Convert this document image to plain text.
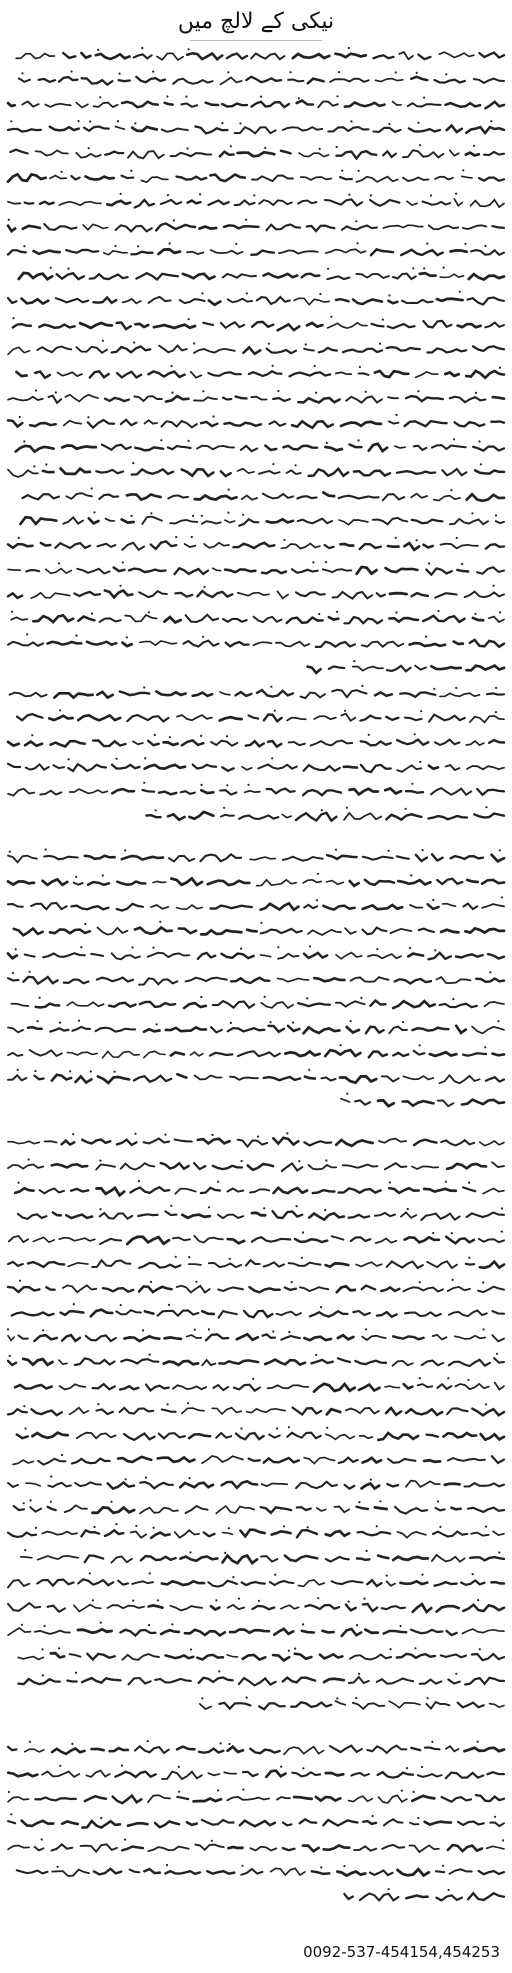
نیکی کے لالچ میں
0092-537-454154,454253
